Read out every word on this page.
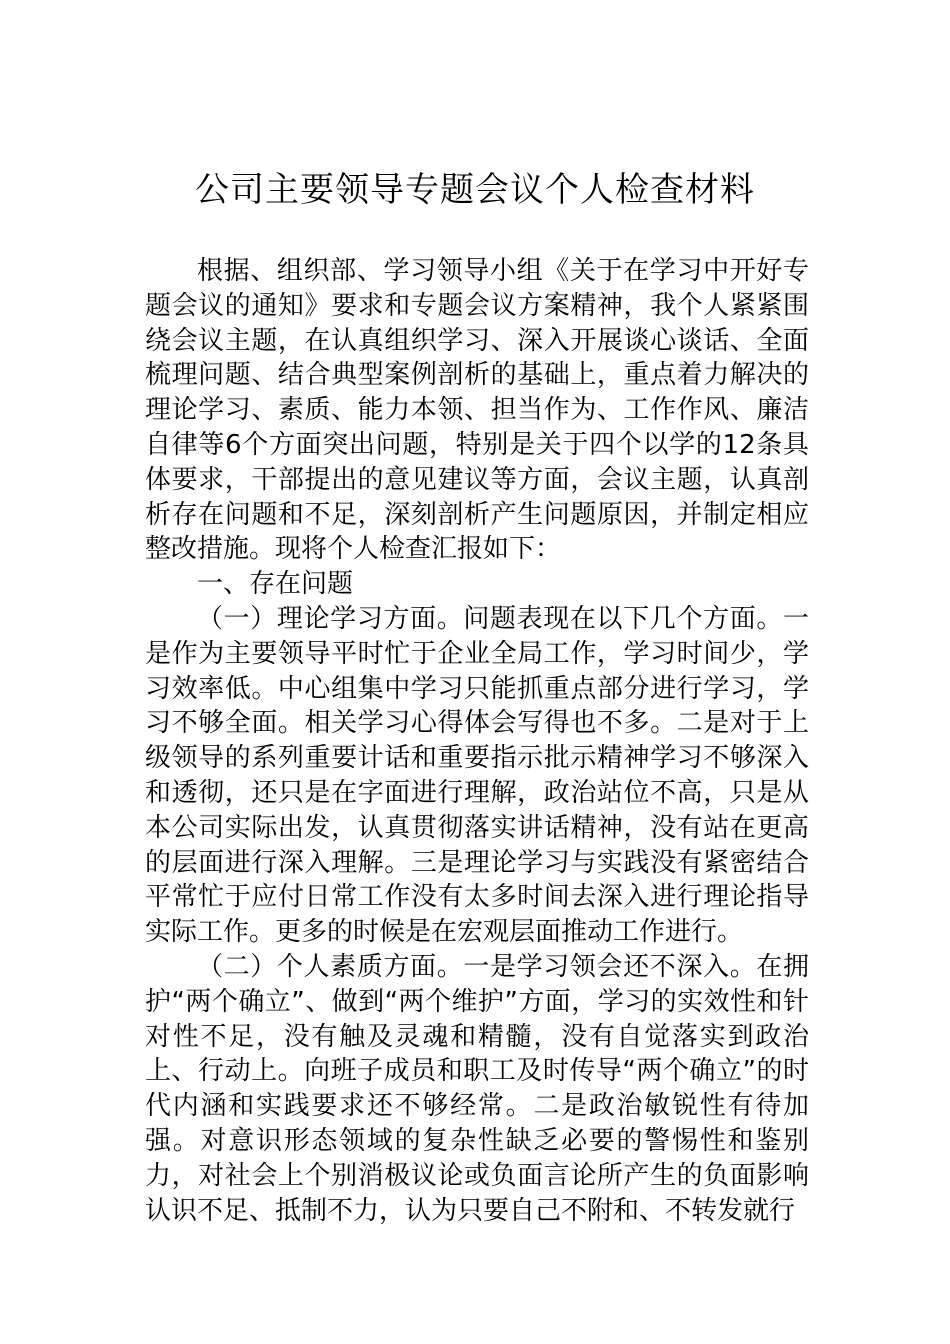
公司主要领导专题会议个人检查材料

根据、组织部、学习领导小组《关于在学习中开好专题会议的通知》要求和专题会议方案精神，我个人紧紧围绕会议主题，在认真组织学习、深入开展谈心谈话、全面梳理问题、结合典型案例剖析的基础上，重点着力解决的理论学习、素质、能力本领、担当作为、工作作风、廉洁自律等6个方面突出问题，特别是关于四个以学的12条具体要求，干部提出的意见建议等方面，会议主题，认真剖析存在问题和不足，深刻剖析产生问题原因，并制定相应整改措施。现将个人检查汇报如下：

一、存在问题

（一）理论学习方面。问题表现在以下几个方面。一是作为主要领导平时忙于企业全局工作，学习时间少，学习效率低。中心组集中学习只能抓重点部分进行学习，学习不够全面。相关学习心得体会写得也不多。二是对于上级领导的系列重要计话和重要指示批示精神学习不够深入和透彻，还只是在字面进行理解，政治站位不高，只是从本公司实际出发，认真贯彻落实讲话精神，没有站在更高的层面进行深入理解。三是理论学习与实践没有紧密结合平常忙于应付日常工作没有太多时间去深入进行理论指导实际工作。更多的时候是在宏观层面推动工作进行。

（二）个人素质方面。一是学习领会还不深入。在拥护“两个确立”、做到“两个维护”方面，学习的实效性和针对性不足，没有触及灵魂和精髓，没有自觉落实到政治上、行动上。向班子成员和职工及时传导“两个确立”的时代内涵和实践要求还不够经常。二是政治敏锐性有待加强。对意识形态领域的复杂性缺乏必要的警惕性和鉴别力，对社会上个别消极议论或负面言论所产生的负面影响认识不足、抵制不力，认为只要自己不附和、不转发就行
